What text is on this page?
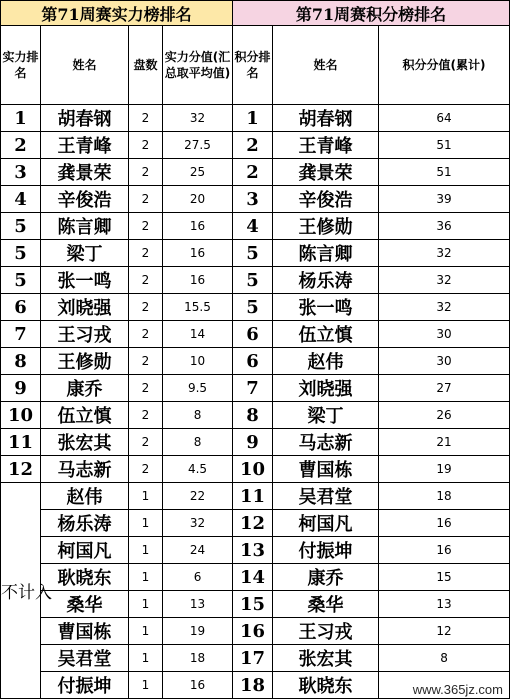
第71周赛实力榜排名				第71周赛积分榜排名		
实力排名	姓名	盘数	实力分值(汇总取平均值)	积分排名	姓名	积分分值(累计)
1	胡春钢	2	32	1	胡春钢	64
2	王青峰	2	27.5	2	王青峰	51
3	龚景荣	2	25	2	龚景荣	51
4	辛俊浩	2	20	3	辛俊浩	39
5	陈言卿	2	16	4	王修勋	36
5	梁丁	2	16	5	陈言卿	32
5	张一鸣	2	16	5	杨乐涛	32
6	刘晓强	2	15.5	5	张一鸣	32
7	王习戎	2	14	6	伍立慎	30
8	王修勋	2	10	6	赵伟	30
9	康乔	2	9.5	7	刘晓强	27
10	伍立慎	2	8	8	梁丁	26
11	张宏其	2	8	9	马志新	21
12	马志新	2	4.5	10	曹国栋	19
不计入	赵伟	1	22	11	吴君堂	18
	杨乐涛	1	32	12	柯国凡	16
	柯国凡	1	24	13	付振坤	16
	耿晓东	1	6	14	康乔	15
	桑华	1	13	15	桑华	13
	曹国栋	1	19	16	王习戎	12
	吴君堂	1	18	17	张宏其	8
	付振坤	1	16	18	耿晓东		www.365jz.com
